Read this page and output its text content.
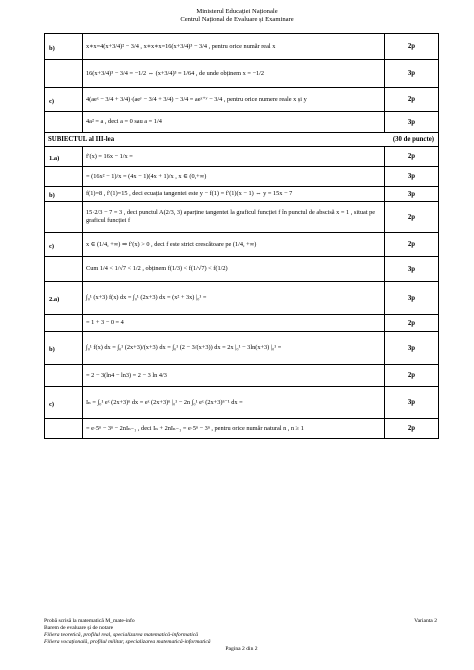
Ministerul Educației Naționale
Centrul Național de Evaluare și Examinare
b)	x∗x=4(x+3/4)² − 3/4 , x∗x∗x=16(x+3/4)³ − 3/4 , pentru orice număr real x	2p
	16(x+3/4)³ − 3/4 = −1/2 ⇔ (x+3/4)³ = 1/64 , de unde obținem x = −1/2	3p
c)	4(aeˣ − 3/4 + 3/4)·(aeʸ − 3/4 + 3/4) − 3/4 = aeˣ⁺ʸ − 3/4 , pentru orice numere reale x și y	2p
	4a² = a , deci a = 0 sau a = 1/4	3p
SUBIECTUL al III-lea (30 de puncte)		

1.a)	f′(x) = 16x − 1/x =	2p
	= (16x² − 1)/x = (4x − 1)(4x + 1)/x , x ∈ (0,+∞)	3p
b)	f(1)=8 , f′(1)=15 , deci ecuația tangentei este y − f(1) = f′(1)(x − 1) ⇔ y = 15x − 7	3p
	15·2/3 − 7 = 3 , deci punctul A(2/3, 3) aparține tangentei la graficul funcției f în punctul de abscisă x = 1 , situat pe graficul funcției f	2p
c)	x ∈ (1/4, +∞) ⇒ f′(x) > 0 , deci f este strict crescătoare pe (1/4, +∞)	2p
	Cum 1/4 < 1/√7 < 1/2 , obținem f(1/3) < f(1/√7) < f(1/2)	3p
2.a)	∫₀¹ (x+3) f(x) dx = ∫₀¹ (2x+3) dx = (x² + 3x) |₀¹ =	3p
	= 1 + 3 − 0 = 4	2p
b)	∫₀¹ f(x) dx = ∫₀¹ (2x+3)/(x+3) dx = ∫₀¹ (2 − 3/(x+3)) dx = 2x |₀¹ − 3ln(x+3) |₀¹ =	3p
	= 2 − 3(ln4 − ln3) = 2 − 3 ln 4/3	2p
c)	Iₙ = ∫₀¹ eˣ (2x+3)ⁿ dx = eˣ (2x+3)ⁿ |₀¹ − 2n ∫₀¹ eˣ (2x+3)ⁿ⁻¹ dx =	3p
	= e·5ⁿ − 3ⁿ − 2nIₙ₋₁ , deci Iₙ + 2nIₙ₋₁ = e·5ⁿ − 3ⁿ , pentru orice număr natural n , n ≥ 1	2p
Probă scrisă la matematică M_mate-info	Varianta 2
Barem de evaluare și de notare
Filiera teoretică, profilul real, specializarea matematică-informatică
Filiera vocațională, profilul militar, specializarea matematică-informatică
Pagina 2 din 2
